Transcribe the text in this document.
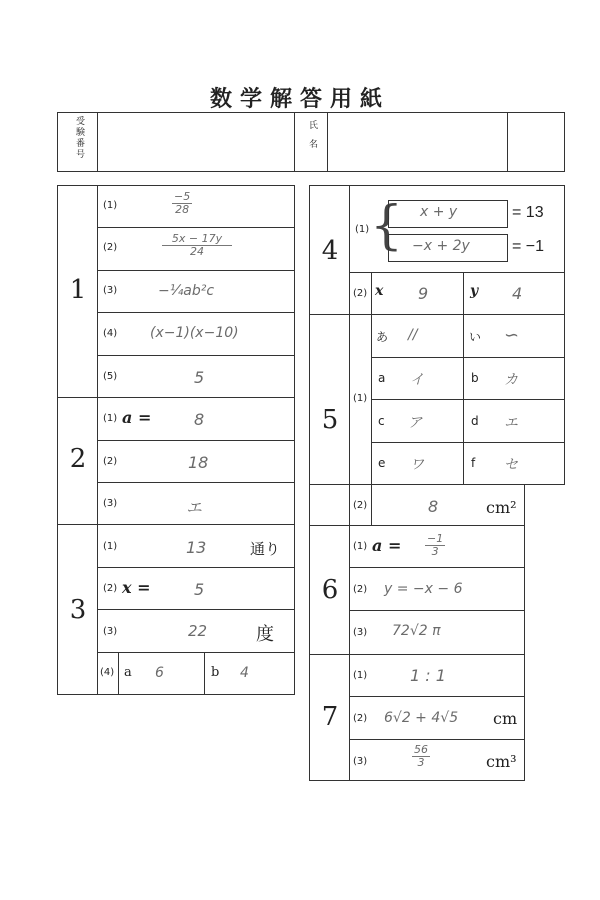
数学解答用紙
受験番号	氏名
1
(1)	$\frac{-5}{28}$
(2)	$\frac{5x - 17y}{24}$
(3)	−¼ab²c
(4) (x−1)(x−10)
(5)	5
2
(1) a =	8
(2)	18
(3)	エ
3
(1)	13	通り
(2) x =	5
(3)	22	度
(4) a 6	b 4
4
(1) { x + y	= 13
−x + 2y	= −1
(2) x 9	y 4
5
(1)
あ //	い ∽
a イ	b カ
c ア	d エ
e ワ	f セ
(2)	8	cm²
6
(1) $a = \frac{-1}{3}$
(2) y = −x − 6
(3) 72√2 π
7
(1)	1 : 1
(2) 6√2 + 4√5 cm
(3)	$\frac{56}{3}$	cm³
